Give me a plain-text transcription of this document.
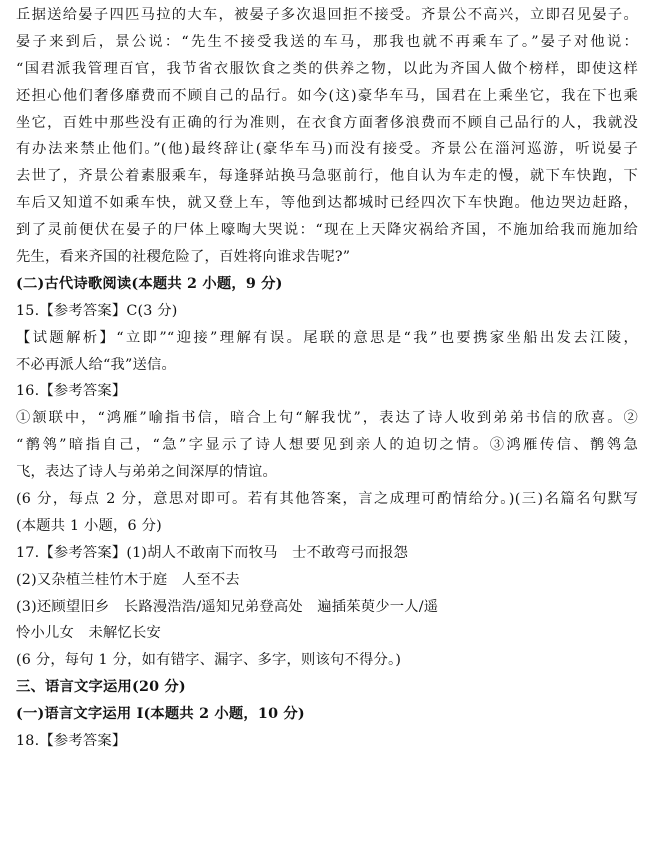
丘据送给晏子四匹马拉的大车，被晏子多次退回拒不接受。齐景公不高兴，立即召见晏子。
晏子来到后，景公说：“先生不接受我送的车马，那我也就不再乘车了。”晏子对他说：
“国君派我管理百官，我节省衣服饮食之类的供养之物，以此为齐国人做个榜样，即使这样
还担心他们奢侈靡费而不顾自己的品行。如今(这)豪华车马，国君在上乘坐它，我在下也乘
坐它，百姓中那些没有正确的行为准则，在衣食方面奢侈浪费而不顾自己品行的人，我就没
有办法来禁止他们。”(他)最终辞让(豪华车马)而没有接受。齐景公在淄河巡游，听说晏子
去世了，齐景公着素服乘车，每逢驿站换马急驱前行，他自认为车走的慢，就下车快跑，下
车后又知道不如乘车快，就又登上车，等他到达都城时已经四次下车快跑。他边哭边赶路，
到了灵前便伏在晏子的尸体上嚎啕大哭说：“现在上天降灾祸给齐国，不施加给我而施加给
先生，看来齐国的社稷危险了，百姓将向谁求告呢?”
(二)古代诗歌阅读(本题共 2 小题，9 分)
15.【参考答案】C(3 分)
【试题解析】“立即”“迎接”理解有误。尾联的意思是“我”也要携家坐船出发去江陵，
不必再派人给“我”送信。
16.【参考答案】
①颔联中，“鸿雁”喻指书信，暗合上句“解我忧”，表达了诗人收到弟弟书信的欣喜。②
“鹡鸰”暗指自己，“急”字显示了诗人想要见到亲人的迫切之情。③鸿雁传信、鹡鸰急
飞，表达了诗人与弟弟之间深厚的情谊。
(6 分，每点 2 分，意思对即可。若有其他答案，言之成理可酌情给分。)(三)名篇名句默写
(本题共 1 小题，6 分)
17.【参考答案】(1)胡人不敢南下而牧马　士不敢弯弓而报怨
(2)又杂植兰桂竹木于庭　人至不去
(3)还顾望旧乡　长路漫浩浩/遥知兄弟登高处　遍插茱萸少一人/遥
怜小儿女　未解忆长安
(6 分，每句 1 分，如有错字、漏字、多字，则该句不得分。)
三、语言文字运用(20 分)
(一)语言文字运用 I(本题共 2 小题，10 分)
18.【参考答案】
